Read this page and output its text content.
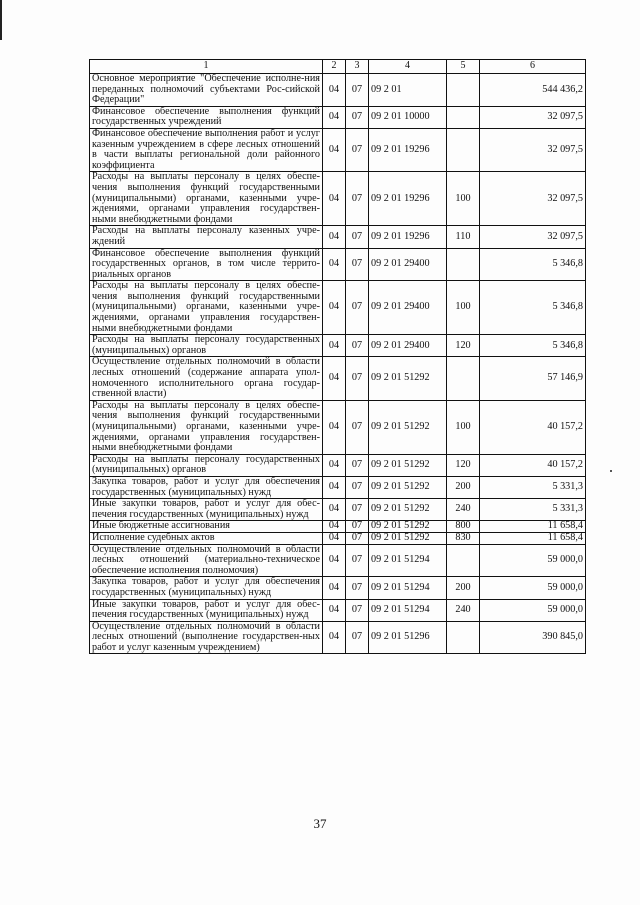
1	2	3	4	5	6
Основное мероприятие "Обеспечение исполне-ния переданных полномочий субъектами Рос-сийской Федерации"	04	07	09 2 01		544 436,2
Финансовое обеспечение выполнения функций государственных учреждений	04	07	09 2 01 10000		32 097,5
Финансовое обеспечение выполнения работ и услуг казенным учреждением в сфере лесных отношений в части выплаты региональной доли районного коэффициента	04	07	09 2 01 19296		32 097,5
Расходы на выплаты персоналу в целях обеспе-чения выполнения функций государственными (муниципальными) органами, казенными учре-ждениями, органами управления государствен-ными внебюджетными фондами	04	07	09 2 01 19296	100	32 097,5
Расходы на выплаты персоналу казенных учре-ждений	04	07	09 2 01 19296	110	32 097,5
Финансовое обеспечение выполнения функций государственных органов, в том числе террито-риальных органов	04	07	09 2 01 29400		5 346,8
Расходы на выплаты персоналу в целях обеспе-чения выполнения функций государственными (муниципальными) органами, казенными учре-ждениями, органами управления государствен-ными внебюджетными фондами	04	07	09 2 01 29400	100	5 346,8
Расходы на выплаты персоналу государственных (муниципальных) органов	04	07	09 2 01 29400	120	5 346,8
Осуществление отдельных полномочий в области лесных отношений (содержание аппарата упол-номоченного исполнительного органа государ-ственной власти)	04	07	09 2 01 51292		57 146,9
Расходы на выплаты персоналу в целях обеспе-чения выполнения функций государственными (муниципальными) органами, казенными учре-ждениями, органами управления государствен-ными внебюджетными фондами	04	07	09 2 01 51292	100	40 157,2
Расходы на выплаты персоналу государственных (муниципальных) органов	04	07	09 2 01 51292	120	40 157,2
Закупка товаров, работ и услуг для обеспечения государственных (муниципальных) нужд	04	07	09 2 01 51292	200	5 331,3
Иные закупки товаров, работ и услуг для обес-печения государственных (муниципальных) нужд	04	07	09 2 01 51292	240	5 331,3
Иные бюджетные ассигнования	04	07	09 2 01 51292	800	11 658,4
Исполнение судебных актов	04	07	09 2 01 51292	830	11 658,4
Осуществление отдельных полномочий в области лесных отношений (материально-техническое обеспечение исполнения полномочия)	04	07	09 2 01 51294		59 000,0
Закупка товаров, работ и услуг для обеспечения государственных (муниципальных) нужд	04	07	09 2 01 51294	200	59 000,0
Иные закупки товаров, работ и услуг для обес-печения государственных (муниципальных) нужд	04	07	09 2 01 51294	240	59 000,0
Осуществление отдельных полномочий в области лесных отношений (выполнение государствен-ных работ и услуг казенным учреждением)	04	07	09 2 01 51296		390 845,0
37
